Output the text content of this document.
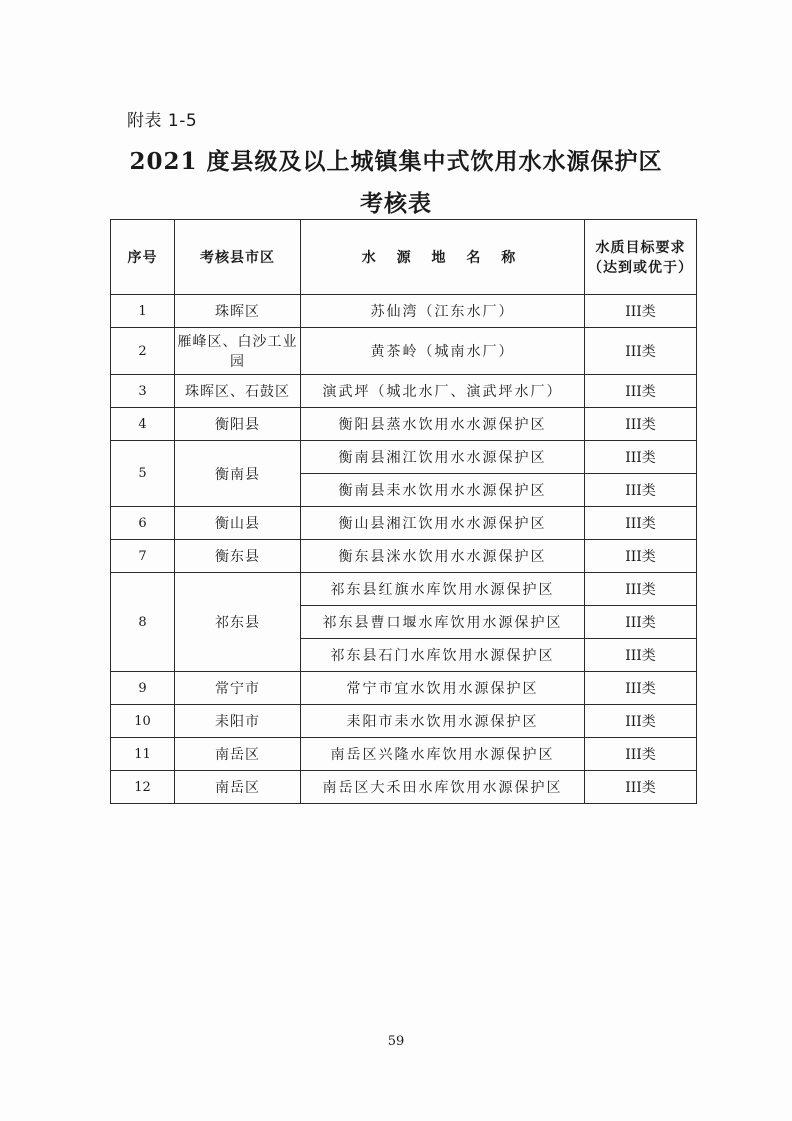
附表 1-5
2021 度县级及以上城镇集中式饮用水水源保护区
考核表
序号	考核县市区	水 源 地 名 称	水质目标要求（达到或优于）
1	珠晖区	苏仙湾（江东水厂）	III类
2	雁峰区、白沙工业园	黄茶岭（城南水厂）	III类
3	珠晖区、石鼓区	演武坪（城北水厂、演武坪水厂）	III类
4	衡阳县	衡阳县蒸水饮用水水源保护区	III类
5	衡南县	衡南县湘江饮用水水源保护区	III类
		衡南县耒水饮用水水源保护区	III类
6	衡山县	衡山县湘江饮用水水源保护区	III类
7	衡东县	衡东县洣水饮用水水源保护区	III类
8	祁东县	祁东县红旗水库饮用水源保护区	III类
		祁东县曹口堰水库饮用水源保护区	III类
		祁东县石门水库饮用水源保护区	III类
9	常宁市	常宁市宜水饮用水源保护区	III类
10	耒阳市	耒阳市耒水饮用水源保护区	III类
11	南岳区	南岳区兴隆水库饮用水源保护区	III类
12	南岳区	南岳区大禾田水库饮用水源保护区	III类
59
